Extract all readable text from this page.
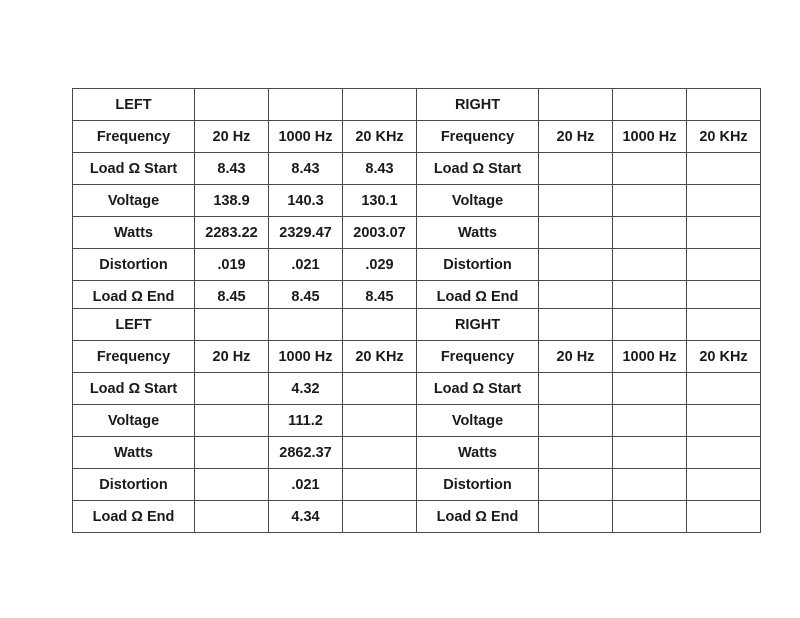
LEFT				RIGHT			
Frequency	20 Hz	1000 Hz	20 KHz	Frequency	20 Hz	1000 Hz	20 KHz
Load Ω Start	8.43	8.43	8.43	Load Ω Start			
Voltage	138.9	140.3	130.1	Voltage			
Watts	2283.22	2329.47	2003.07	Watts			
Distortion	.019	.021	.029	Distortion			
Load Ω End	8.45	8.45	8.45	Load Ω End			
LEFT				RIGHT			
Frequency	20 Hz	1000 Hz	20 KHz	Frequency	20 Hz	1000 Hz	20 KHz
Load Ω Start		4.32		Load Ω Start			
Voltage		111.2		Voltage			
Watts		2862.37		Watts			
Distortion		.021		Distortion			
Load Ω End		4.34		Load Ω End			
